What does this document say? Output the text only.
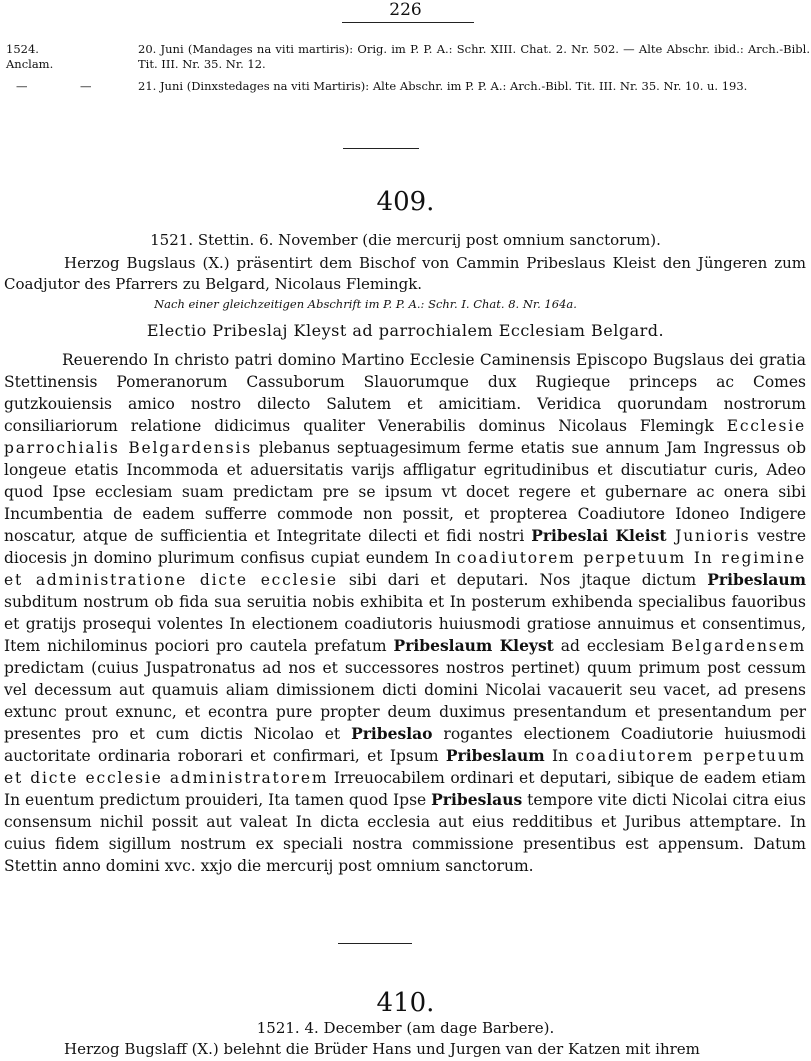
226
1524. Anclam.
20. Juni (Mandages na viti martiris): Orig. im P. P. A.: Schr. XIII. Chat. 2. Nr. 502. — Alte Abschr. ibid.: Arch.-Bibl. Tit. III. Nr. 35. Nr. 12.
—	—	21. Juni (Dinxstedages na viti Martiris): Alte Abschr. im P. P. A.: Arch.-Bibl. Tit. III. Nr. 35. Nr. 10. u. 193.
409.
1521. Stettin. 6. November (die mercurij post omnium sanctorum).
Herzog Bugslaus (X.) präsentirt dem Bischof von Cammin Pribeslaus Kleist den Jüngeren zum Coadjutor des Pfarrers zu Belgard, Nicolaus Flemingk.
Nach einer gleichzeitigen Abschrift im P. P. A.: Schr. I. Chat. 8. Nr. 164a.
Electio Pribeslaj Kleyst ad parrochialem Ecclesiam Belgard.

Reuerendo In christo patri domino Martino Ecclesie Caminensis Episcopo Bugslaus dei gratia Stettinensis Pomeranorum Cassuborum Slauorumque dux Rugieque princeps ac Comes gutzkouiensis amico nostro dilecto Salutem et amicitiam. Veridica quorundam nostrorum consiliariorum relatione didicimus qualiter Venerabilis dominus Nicolaus Flemingk Ecclesie parrochialis Belgardensis plebanus septuagesimum ferme etatis sue annum Jam Ingressus ob longeue etatis Incommoda et aduersitatis varijs affligatur egritudinibus et discutiatur curis, Adeo quod Ipse ecclesiam suam predictam pre se ipsum vt docet regere et gubernare ac onera sibi Incumbentia de eadem sufferre commode non possit, et propterea Coadiutore Idoneo Indigere noscatur, atque de sufficientia et Integritate dilecti et fidi nostri Pribeslai Kleist Junioris vestre diocesis jn domino plurimum confisus cupiat eundem In coadiutorem perpetuum In regimine et administratione dicte ecclesie sibi dari et deputari. Nos jtaque dictum Pribeslaum subditum nostrum ob fida sua seruitia nobis exhibita et In posterum exhibenda specialibus fauoribus et gratijs prosequi volentes In electionem coadiutoris huiusmodi gratiose annuimus et consentimus, Item nichilominus pociori pro cautela prefatum Pribeslaum Kleyst ad ecclesiam Belgardensem predictam (cuius Juspatronatus ad nos et successores nostros pertinet) quum primum post cessum vel decessum aut quamuis aliam dimissionem dicti domini Nicolai vacauerit seu vacet, ad presens extunc prout exnunc, et econtra pure propter deum duximus presentandum et presentandum per presentes pro et cum dictis Nicolao et Pribeslao rogantes electionem Coadiutorie huiusmodi auctoritate ordinaria roborari et confirmari, et Ipsum Pribeslaum In coadiutorem perpetuum et dicte ecclesie administratorem Irreuocabilem ordinari et deputari, sibique de eadem etiam In euentum predictum prouideri, Ita tamen quod Ipse Pribeslaus tempore vite dicti Nicolai citra eius consensum nichil possit aut valeat In dicta ecclesia aut eius redditibus et Juribus attemptare. In cuius fidem sigillum nostrum ex speciali nostra commissione presentibus est appensum. Datum Stettin anno domini xvc. xxjo die mercurij post omnium sanctorum.

410.
1521. 4. December (am dage Barbere).
Herzog Bugslaff (X.) belehnt die Brüder Hans und Jurgen van der Katzen mit ihrem
